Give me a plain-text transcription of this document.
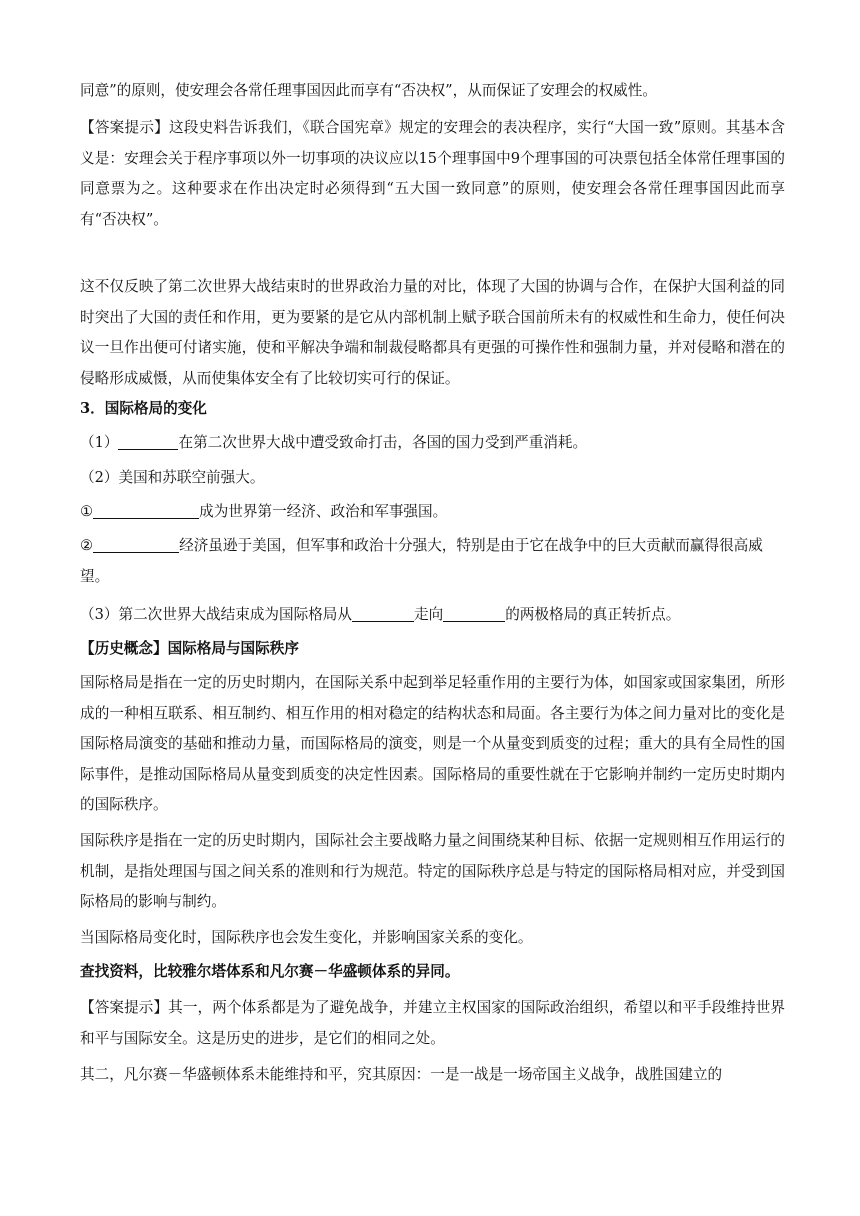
同意”的原则，使安理会各常任理事国因此而享有“否决权”，从而保证了安理会的权威性。

【答案提示】这段史料告诉我们，《联合国宪章》规定的安理会的表决程序，实行“大国一致”原则。其基本含义是：安理会关于程序事项以外一切事项的决议应以15个理事国中9个理事国的可决票包括全体常任理事国的同意票为之。这种要求在作出决定时必须得到“五大国一致同意”的原则，使安理会各常任理事国因此而享有“否决权”。

这不仅反映了第二次世界大战结束时的世界政治力量的对比，体现了大国的协调与合作，在保护大国利益的同时突出了大国的责任和作用，更为要紧的是它从内部机制上赋予联合国前所未有的权威性和生命力，使任何决议一旦作出便可付诸实施，使和平解决争端和制裁侵略都具有更强的可操作性和强制力量，并对侵略和潜在的侵略形成威慑，从而使集体安全有了比较切实可行的保证。

3．国际格局的变化

（1）	在第二次世界大战中遭受致命打击，各国的国力受到严重消耗。

（2）美国和苏联空前强大。

①	成为世界第一经济、政治和军事强国。

②	经济虽逊于美国，但军事和政治十分强大，特别是由于它在战争中的巨大贡献而赢得很高威望。

（3）第二次世界大战结束成为国际格局从	走向	的两极格局的真正转折点。

【历史概念】国际格局与国际秩序

国际格局是指在一定的历史时期内，在国际关系中起到举足轻重作用的主要行为体，如国家或国家集团，所形成的一种相互联系、相互制约、相互作用的相对稳定的结构状态和局面。各主要行为体之间力量对比的变化是国际格局演变的基础和推动力量，而国际格局的演变，则是一个从量变到质变的过程；重大的具有全局性的国际事件，是推动国际格局从量变到质变的决定性因素。国际格局的重要性就在于它影响并制约一定历史时期内的国际秩序。

国际秩序是指在一定的历史时期内，国际社会主要战略力量之间围绕某种目标、依据一定规则相互作用运行的机制，是指处理国与国之间关系的准则和行为规范。特定的国际秩序总是与特定的国际格局相对应，并受到国际格局的影响与制约。

当国际格局变化时，国际秩序也会发生变化，并影响国家关系的变化。

查找资料，比较雅尔塔体系和凡尔赛－华盛顿体系的异同。

【答案提示】其一，两个体系都是为了避免战争，并建立主权国家的国际政治组织，希望以和平手段维持世界和平与国际安全。这是历史的进步，是它们的相同之处。

其二，凡尔赛－华盛顿体系未能维持和平，究其原因：一是一战是一场帝国主义战争，战胜国建立的
